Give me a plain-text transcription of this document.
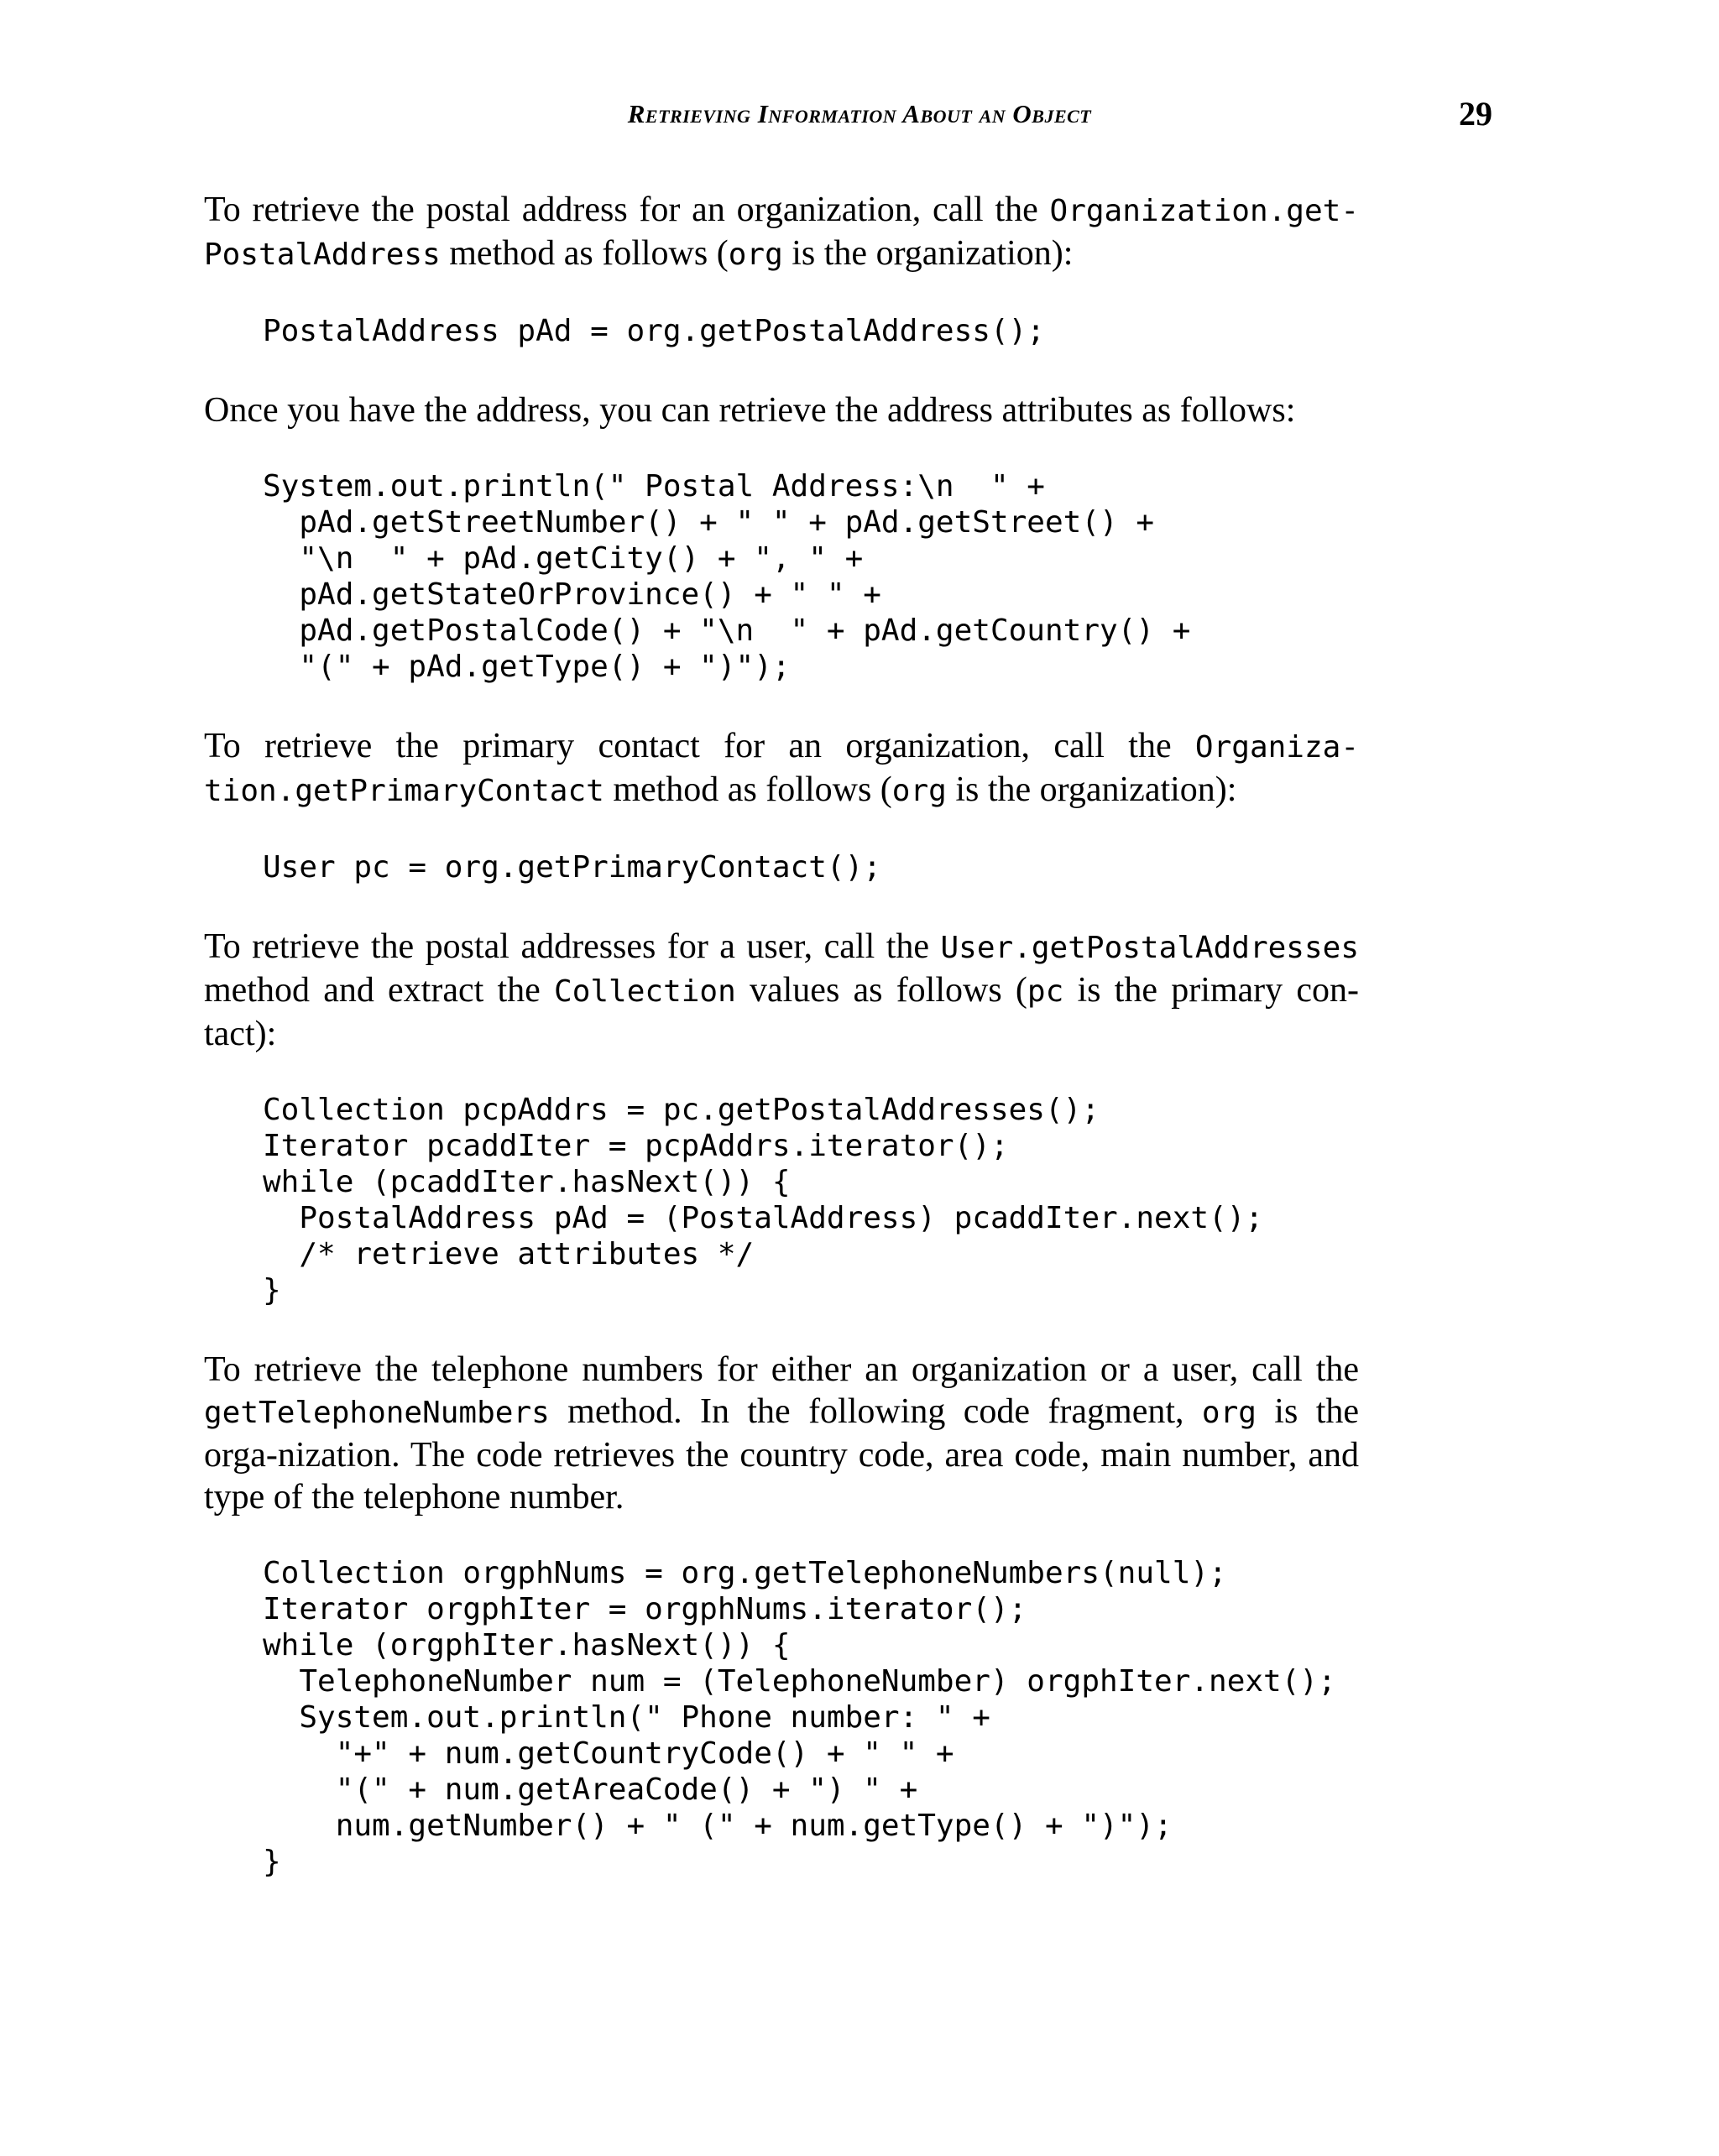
Retrieving Information About an Object	29

To retrieve the postal address for an organization, call the Organization.get-PostalAddress method as follows (org is the organization):

PostalAddress pAd = org.getPostalAddress();

Once you have the address, you can retrieve the address attributes as follows:

System.out.println(" Postal Address:\n  " +
pAd.getStreetNumber() + " " + pAd.getStreet() +
"\n  " + pAd.getCity() + ", " +
pAd.getStateOrProvince() + " " +
pAd.getPostalCode() + "\n  " + pAd.getCountry() +
"(" + pAd.getType() + ")");

To retrieve the primary contact for an organization, call the Organiza-tion.getPrimaryContact method as follows (org is the organization):

User pc = org.getPrimaryContact();

To retrieve the postal addresses for a user, call the User.getPostalAddresses method and extract the Collection values as follows (pc is the primary con-tact):

Collection pcpAddrs = pc.getPostalAddresses();
Iterator pcaddIter = pcpAddrs.iterator();
while (pcaddIter.hasNext()) {
PostalAddress pAd = (PostalAddress) pcaddIter.next();
/* retrieve attributes */
}

To retrieve the telephone numbers for either an organization or a user, call the getTelephoneNumbers method. In the following code fragment, org is the orga-nization. The code retrieves the country code, area code, main number, and type of the telephone number.

Collection orgphNums = org.getTelephoneNumbers(null);
Iterator orgphIter = orgphNums.iterator();
while (orgphIter.hasNext()) {
TelephoneNumber num = (TelephoneNumber) orgphIter.next();
System.out.println(" Phone number: " +
"+" + num.getCountryCode() + " " +
"(" + num.getAreaCode() + ") " +
num.getNumber() + " (" + num.getType() + ")");
}
